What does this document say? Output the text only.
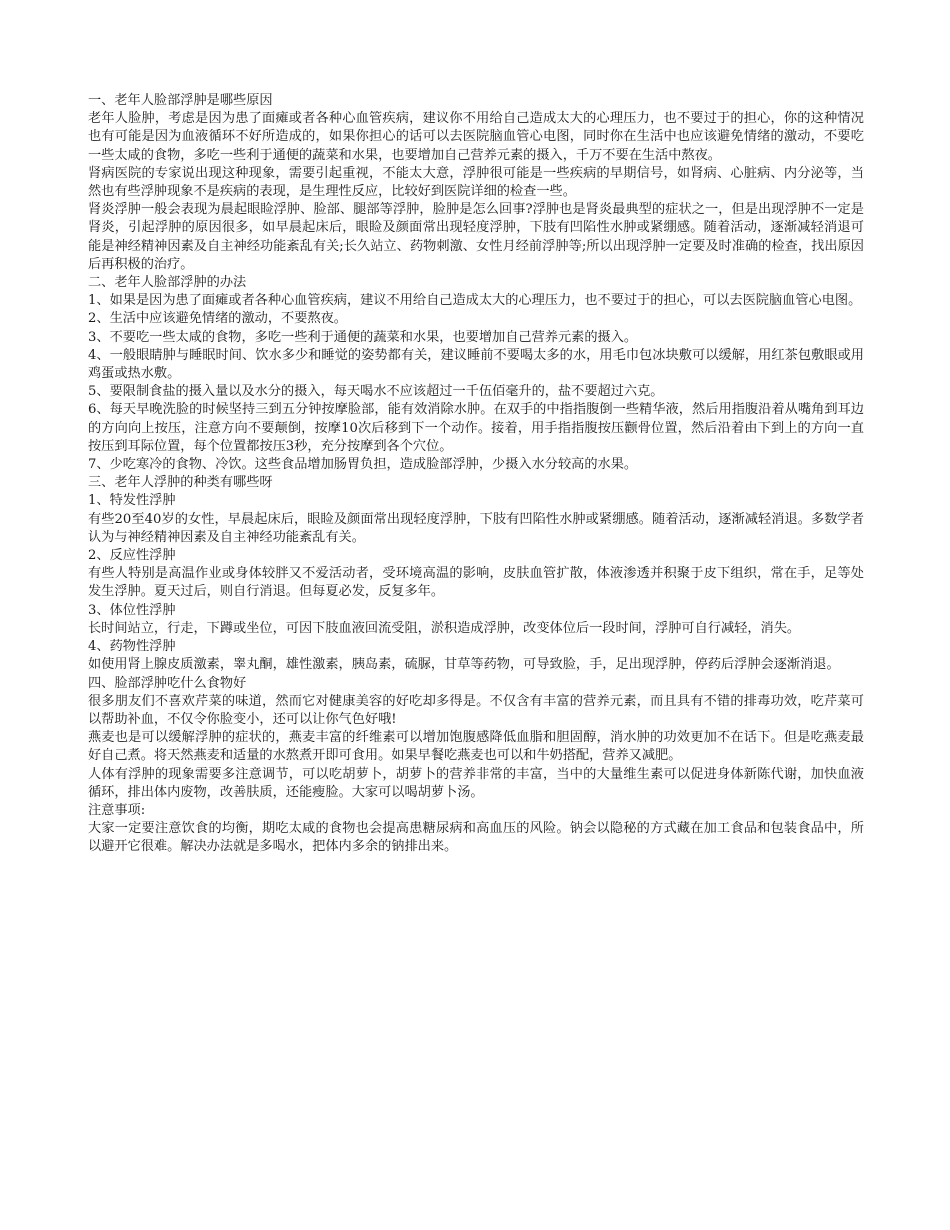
一、老年人脸部浮肿是哪些原因

老年人脸肿，考虑是因为患了面瘫或者各种心血管疾病，建议你不用给自己造成太大的心理压力，也不要过于的担心，你的这种情况也有可能是因为血液循环不好所造成的，如果你担心的话可以去医院脑血管心电图，同时你在生活中也应该避免情绪的激动，不要吃一些太咸的食物，多吃一些利于通便的蔬菜和水果，也要增加自己营养元素的摄入，千万不要在生活中熬夜。

肾病医院的专家说出现这种现象，需要引起重视，不能太大意，浮肿很可能是一些疾病的早期信号，如肾病、心脏病、内分泌等，当然也有些浮肿现象不是疾病的表现，是生理性反应，比较好到医院详细的检查一些。

肾炎浮肿一般会表现为晨起眼睑浮肿、脸部、腿部等浮肿，脸肿是怎么回事?浮肿也是肾炎最典型的症状之一，但是出现浮肿不一定是肾炎，引起浮肿的原因很多，如早晨起床后，眼睑及颜面常出现轻度浮肿，下肢有凹陷性水肿或紧绷感。随着活动，逐渐减轻消退可能是神经精神因素及自主神经功能紊乱有关;长久站立、药物刺激、女性月经前浮肿等;所以出现浮肿一定要及时准确的检查，找出原因后再积极的治疗。

二、老年人脸部浮肿的办法

1、如果是因为患了面瘫或者各种心血管疾病，建议不用给自己造成太大的心理压力，也不要过于的担心，可以去医院脑血管心电图。

2、生活中应该避免情绪的激动，不要熬夜。

3、不要吃一些太咸的食物，多吃一些利于通便的蔬菜和水果，也要增加自己营养元素的摄入。

4、一般眼睛肿与睡眠时间、饮水多少和睡觉的姿势都有关，建议睡前不要喝太多的水，用毛巾包冰块敷可以缓解，用红茶包敷眼或用鸡蛋或热水敷。

5、要限制食盐的摄入量以及水分的摄入，每天喝水不应该超过一千伍佰毫升的，盐不要超过六克。

6、每天早晚洗脸的时候坚持三到五分钟按摩脸部，能有效消除水肿。在双手的中指指腹倒一些精华液，然后用指腹沿着从嘴角到耳边的方向向上按压，注意方向不要颠倒，按摩10次后移到下一个动作。接着，用手指指腹按压颧骨位置，然后沿着由下到上的方向一直按压到耳际位置，每个位置都按压3秒，充分按摩到各个穴位。

7、少吃寒冷的食物、冷饮。这些食品增加肠胃负担，造成脸部浮肿，少摄入水分较高的水果。

三、老年人浮肿的种类有哪些呀

1、特发性浮肿

有些20至40岁的女性，早晨起床后，眼睑及颜面常出现轻度浮肿，下肢有凹陷性水肿或紧绷感。随着活动，逐渐减轻消退。多数学者认为与神经精神因素及自主神经功能紊乱有关。

2、反应性浮肿

有些人特别是高温作业或身体较胖又不爱活动者，受环境高温的影响，皮肤血管扩散，体液渗透并积聚于皮下组织，常在手，足等处发生浮肿。夏天过后，则自行消退。但每夏必发，反复多年。

3、体位性浮肿

长时间站立，行走，下蹲或坐位，可因下肢血液回流受阻，淤积造成浮肿，改变体位后一段时间，浮肿可自行减轻，消失。

4、药物性浮肿

如使用肾上腺皮质激素，睾丸酮，雄性激素，胰岛素，硫脲，甘草等药物，可导致脸，手，足出现浮肿，停药后浮肿会逐渐消退。

四、脸部浮肿吃什么食物好

很多朋友们不喜欢芹菜的味道，然而它对健康美容的好吃却多得是。不仅含有丰富的营养元素，而且具有不错的排毒功效，吃芹菜可以帮助补血，不仅令你脸变小，还可以让你气色好哦!

燕麦也是可以缓解浮肿的症状的，燕麦丰富的纤维素可以增加饱腹感降低血脂和胆固醇，消水肿的功效更加不在话下。但是吃燕麦最好自己煮。将天然燕麦和适量的水熬煮开即可食用。如果早餐吃燕麦也可以和牛奶搭配，营养又减肥。

人体有浮肿的现象需要多注意调节，可以吃胡萝卜，胡萝卜的营养非常的丰富，当中的大量维生素可以促进身体新陈代谢，加快血液循环，排出体内废物，改善肤质，还能瘦脸。大家可以喝胡萝卜汤。

注意事项:

大家一定要注意饮食的均衡，期吃太咸的食物也会提高患糖尿病和高血压的风险。钠会以隐秘的方式藏在加工食品和包装食品中，所以避开它很难。解决办法就是多喝水，把体内多余的钠排出来。
